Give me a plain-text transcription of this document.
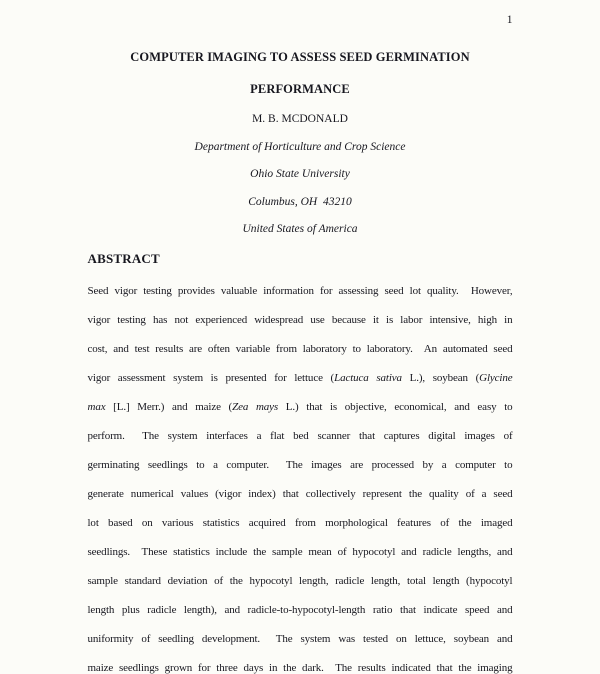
1
COMPUTER IMAGING TO ASSESS SEED GERMINATION
PERFORMANCE
M. B. MCDONALD
Department of Horticulture and Crop Science
Ohio State University
Columbus, OH  43210
United States of America
ABSTRACT
Seed vigor testing provides valuable information for assessing seed lot quality.  However,
vigor testing has not experienced widespread use because it is labor intensive, high in
cost, and test results are often variable from laboratory to laboratory.  An automated seed
vigor assessment system is presented for lettuce (Lactuca sativa L.), soybean (Glycine
max [L.] Merr.) and maize (Zea mays L.) that is objective, economical, and easy to
perform.  The system interfaces a flat bed scanner that captures digital images of
germinating seedlings to a computer.  The images are processed by a computer to
generate numerical values (vigor index) that collectively represent the quality of a seed
lot based on various statistics acquired from morphological features of the imaged
seedlings.  These statistics include the sample mean of hypocotyl and radicle lengths, and
sample standard deviation of the hypocotyl length, radicle length, total length (hypocotyl
length plus radicle length), and radicle-to-hypocotyl-length ratio that indicate speed and
uniformity of seedling development.  The system was tested on lettuce, soybean and
maize seedlings grown for three days in the dark.  The results indicated that the imaging
